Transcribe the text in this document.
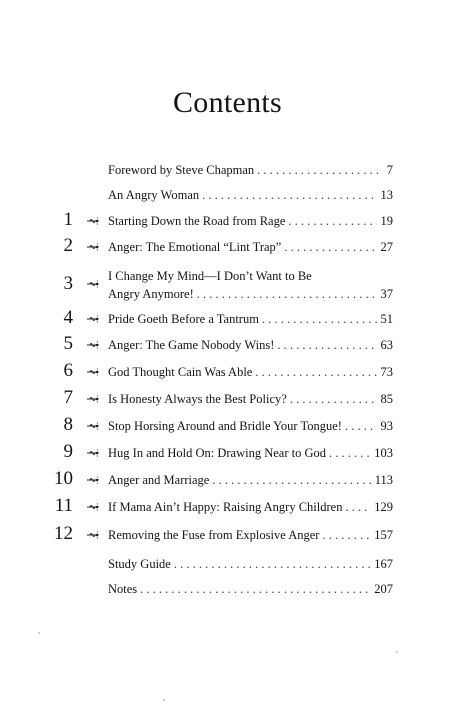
Contents
Foreword by Steve Chapman . . .	7
An Angry Woman . . .	13
1	Starting Down the Road from Rage . . .	19
2	Anger: The Emotional “Lint Trap” . . .	27
3	I Change My Mind—I Don’t Want to Be
Angry Anymore! . . .	37
4	Pride Goeth Before a Tantrum . . .	51
5	Anger: The Game Nobody Wins! . . .	63
6	God Thought Cain Was Able . . .	73
7	Is Honesty Always the Best Policy? . . .	85
8	Stop Horsing Around and Bridle Your Tongue! . . .	93
9	Hug In and Hold On: Drawing Near to God . . .	103
10	Anger and Marriage . . .	113
11	If Mama Ain’t Happy: Raising Angry Children . . .	129
12	Removing the Fuse from Explosive Anger . . .	157
Study Guide . . .	167
Notes . . .	207
